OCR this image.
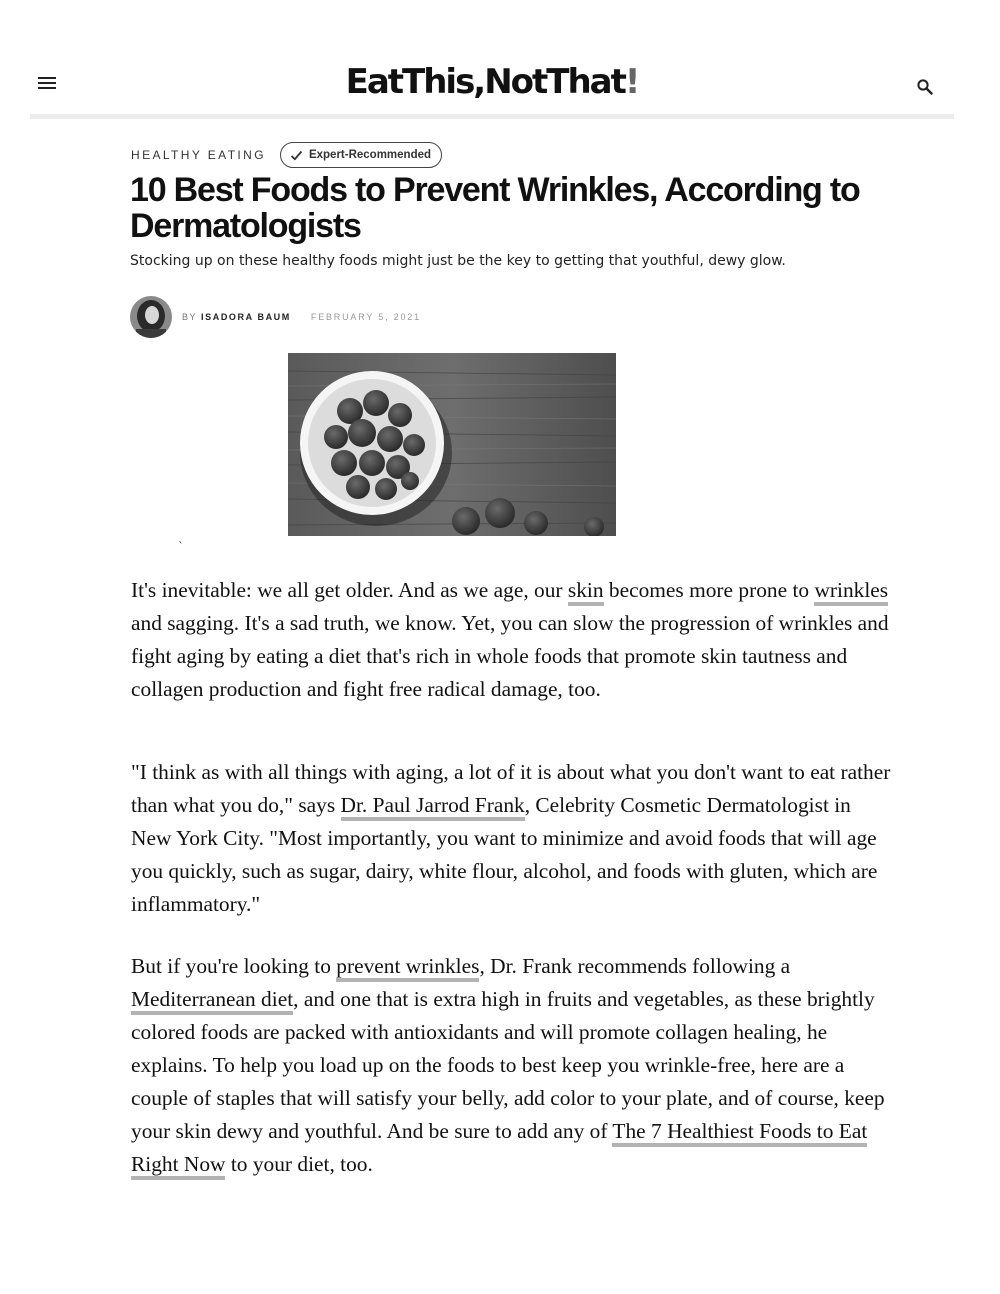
EatThis,NotThat!
HEALTHY EATING	Expert-Recommended
10 Best Foods to Prevent Wrinkles, According to Dermatologists
Stocking up on these healthy foods might just be the key to getting that youthful, dewy glow.
BY ISADORA BAUM FEBRUARY 5, 2021
`

It's inevitable: we all get older. And as we age, our skin becomes more prone to wrinkles and sagging. It's a sad truth, we know. Yet, you can slow the progression of wrinkles and fight aging by eating a diet that's rich in whole foods that promote skin tautness and collagen production and fight free radical damage, too.

"I think as with all things with aging, a lot of it is about what you don't want to eat rather than what you do," says Dr. Paul Jarrod Frank, Celebrity Cosmetic Dermatologist in New York City. "Most importantly, you want to minimize and avoid foods that will age you quickly, such as sugar, dairy, white flour, alcohol, and foods with gluten, which are inflammatory."

But if you're looking to prevent wrinkles, Dr. Frank recommends following a Mediterranean diet, and one that is extra high in fruits and vegetables, as these brightly colored foods are packed with antioxidants and will promote collagen healing, he explains. To help you load up on the foods to best keep you wrinkle-free, here are a couple of staples that will satisfy your belly, add color to your plate, and of course, keep your skin dewy and youthful. And be sure to add any of The 7 Healthiest Foods to Eat Right Now to your diet, too.
